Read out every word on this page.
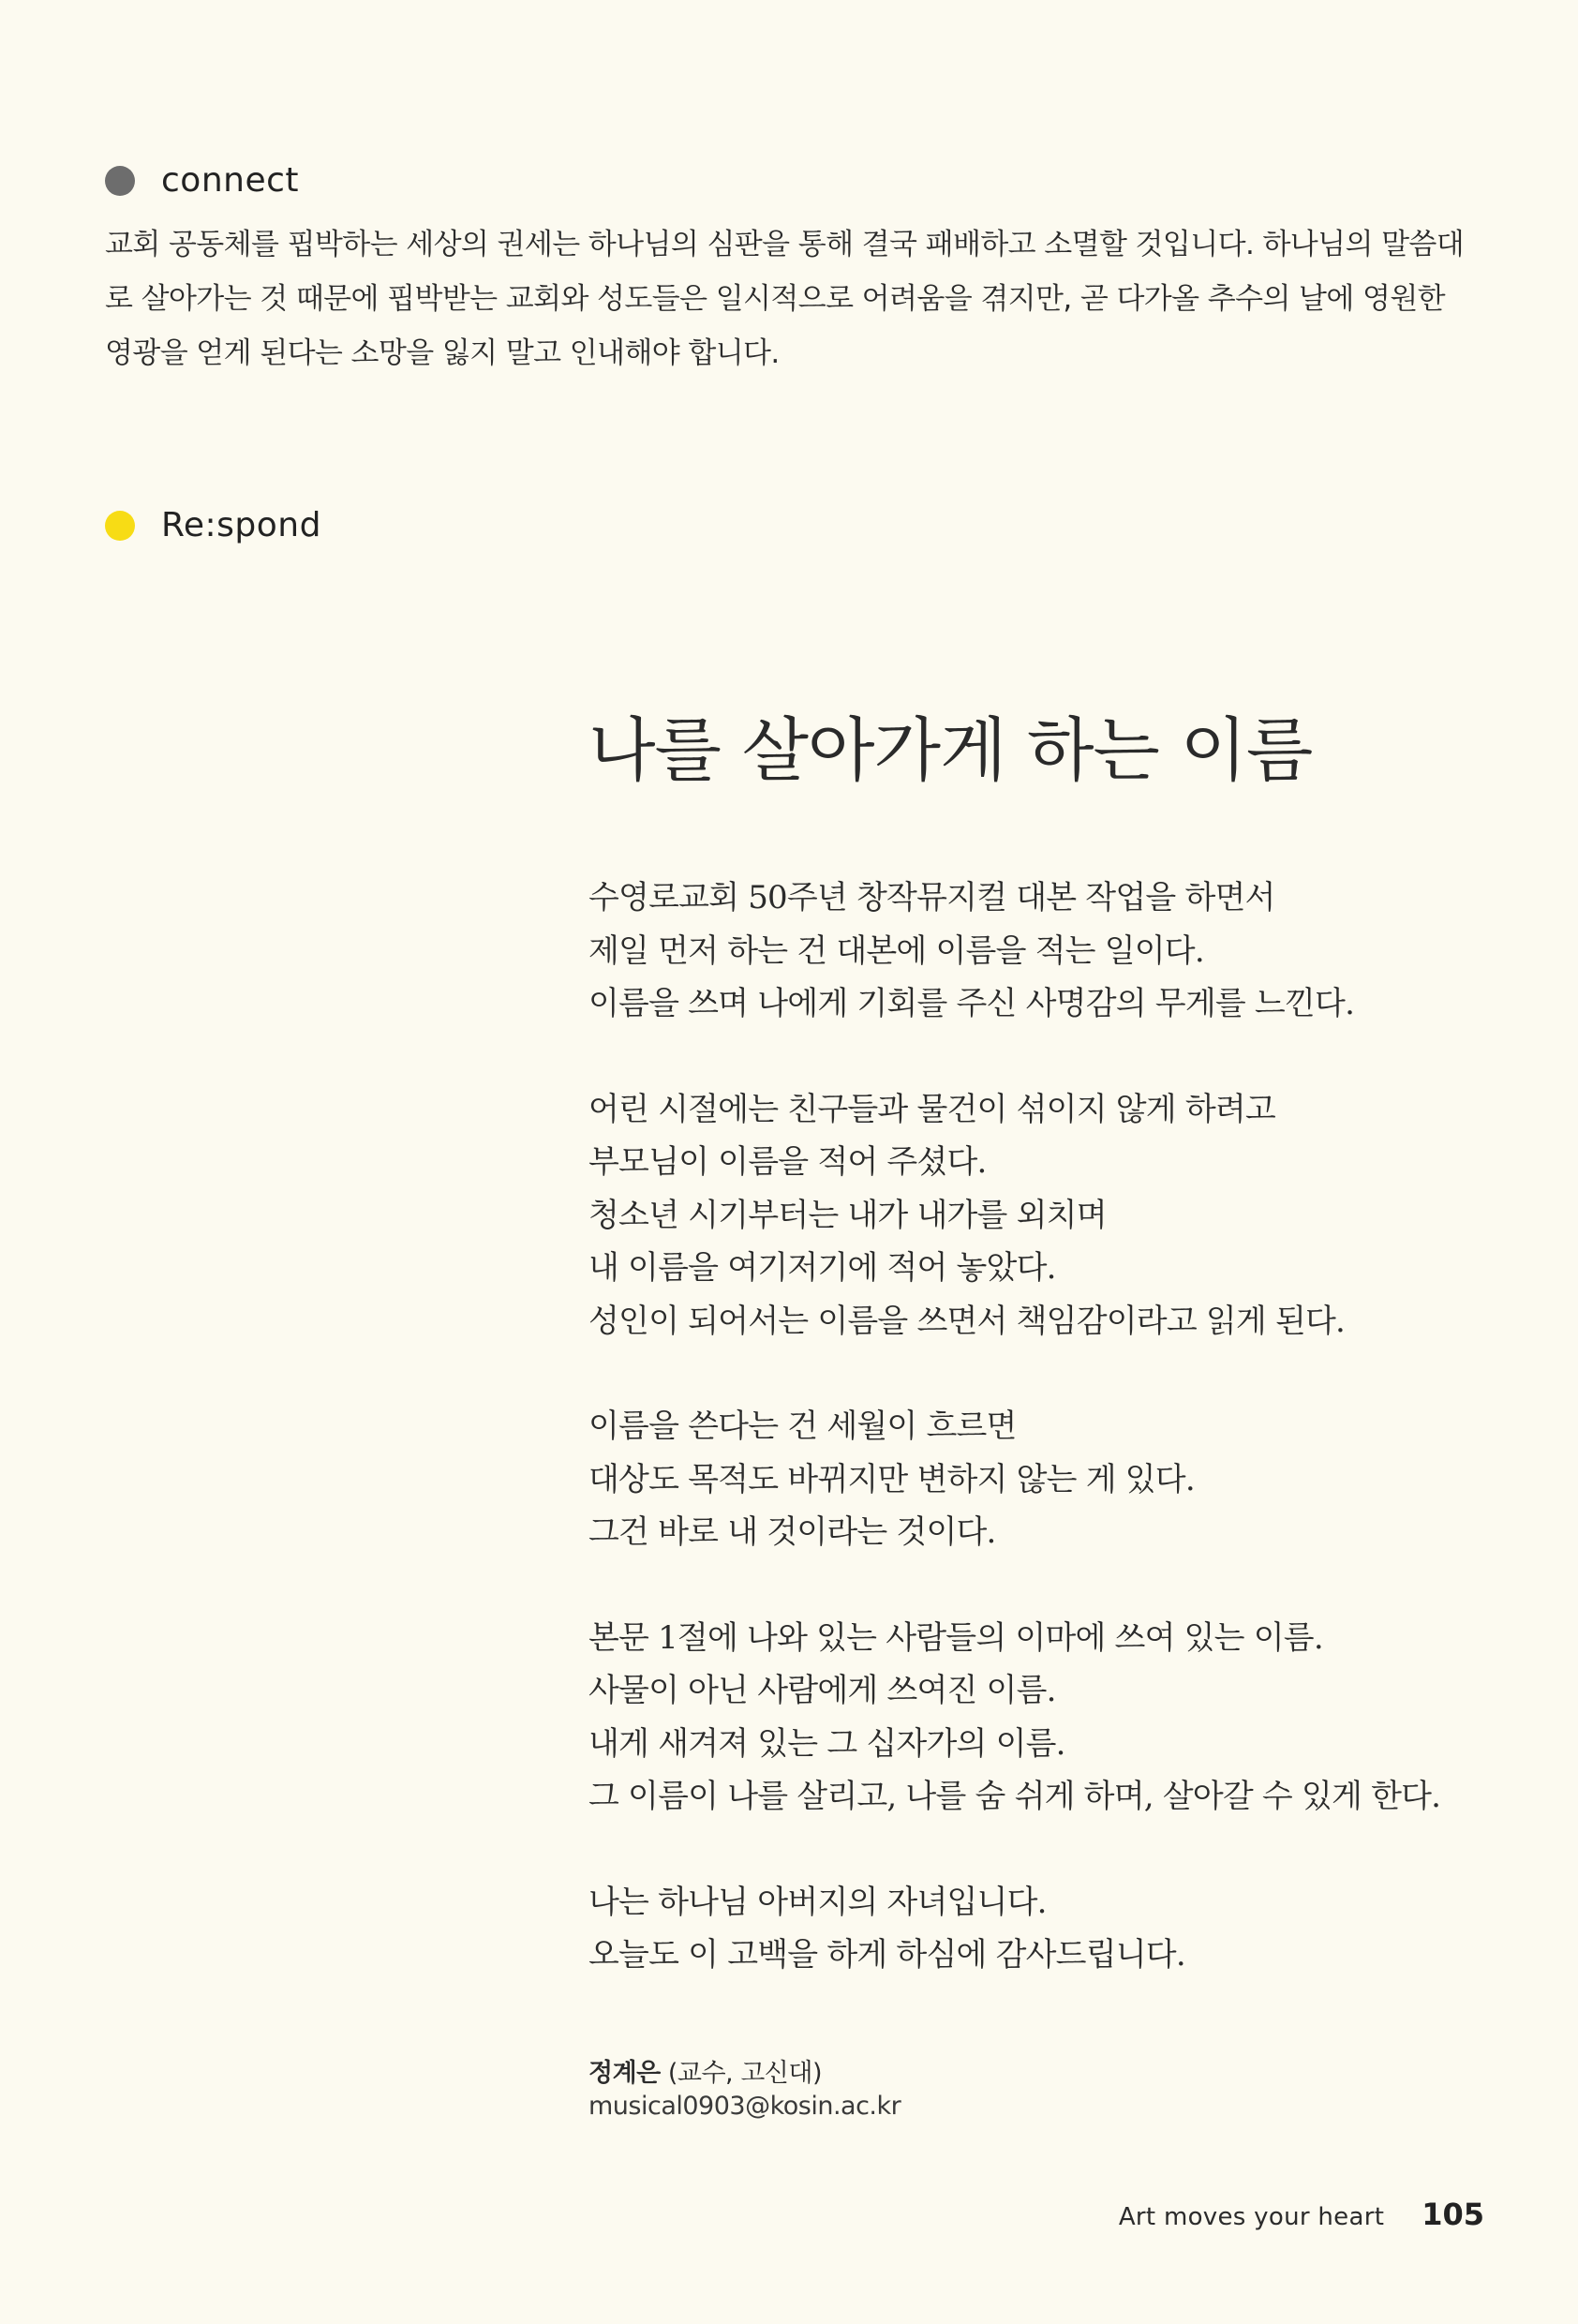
connect
교회 공동체를 핍박하는 세상의 권세는 하나님의 심판을 통해 결국 패배하고 소멸할 것입니다. 하나님의 말씀대로 살아가는 것 때문에 핍박받는 교회와 성도들은 일시적으로 어려움을 겪지만, 곧 다가올 추수의 날에 영원한 영광을 얻게 된다는 소망을 잃지 말고 인내해야 합니다.
Re:spond
나를 살아가게 하는 이름
수영로교회 50주년 창작뮤지컬 대본 작업을 하면서
제일 먼저 하는 건 대본에 이름을 적는 일이다.
이름을 쓰며 나에게 기회를 주신 사명감의 무게를 느낀다.
어린 시절에는 친구들과 물건이 섞이지 않게 하려고
부모님이 이름을 적어 주셨다.
청소년 시기부터는 내가 내가를 외치며
내 이름을 여기저기에 적어 놓았다.
성인이 되어서는 이름을 쓰면서 책임감이라고 읽게 된다.
이름을 쓴다는 건 세월이 흐르면
대상도 목적도 바뀌지만 변하지 않는 게 있다.
그건 바로 내 것이라는 것이다.
본문 1절에 나와 있는 사람들의 이마에 쓰여 있는 이름.
사물이 아닌 사람에게 쓰여진 이름.
내게 새겨져 있는 그 십자가의 이름.
그 이름이 나를 살리고, 나를 숨 쉬게 하며, 살아갈 수 있게 한다.
나는 하나님 아버지의 자녀입니다.
오늘도 이 고백을 하게 하심에 감사드립니다.
정계은 (교수, 고신대)
musical0903@kosin.ac.kr
Art moves your heart 105
